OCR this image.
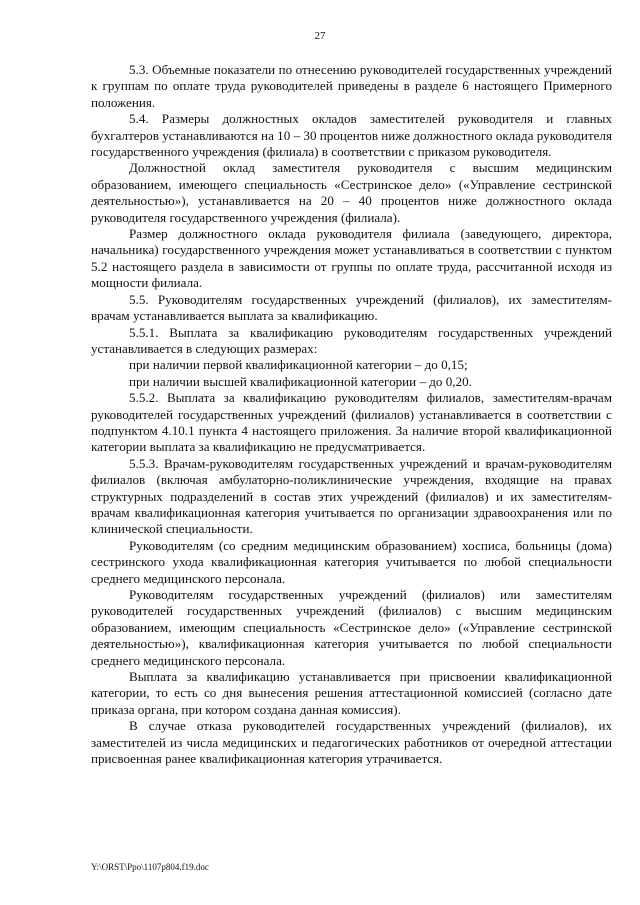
27

5.3. Объемные показатели по отнесению руководителей государственных учреждений к группам по оплате труда руководителей приведены в разделе 6 настоящего Примерного положения.

5.4. Размеры должностных окладов заместителей руководителя и главных бухгалтеров устанавливаются на 10 – 30 процентов ниже должностного оклада руководителя государственного учреждения (филиала) в соответствии с приказом руководителя.

Должностной оклад заместителя руководителя с высшим медицинским образованием, имеющего специальность «Сестринское дело» («Управление сестринской деятельностью»), устанавливается на 20 – 40 процентов ниже должностного оклада руководителя государственного учреждения (филиала).

Размер должностного оклада руководителя филиала (заведующего, директора, начальника) государственного учреждения может устанавливаться в соответствии с пунктом 5.2 настоящего раздела в зависимости от группы по оплате труда, рассчитанной исходя из мощности филиала.

5.5. Руководителям государственных учреждений (филиалов), их заместителям-врачам устанавливается выплата за квалификацию.

5.5.1. Выплата за квалификацию руководителям государственных учреждений устанавливается в следующих размерах:

при наличии первой квалификационной категории – до 0,15;

при наличии высшей квалификационной категории – до 0,20.

5.5.2. Выплата за квалификацию руководителям филиалов, заместителям-врачам руководителей государственных учреждений (филиалов) устанавливается в соответствии с подпунктом 4.10.1 пункта 4 настоящего приложения. За наличие второй квалификационной категории выплата за квалификацию не предусматривается.

5.5.3. Врачам-руководителям государственных учреждений и врачам-руководителям филиалов (включая амбулаторно-поликлинические учреждения, входящие на правах структурных подразделений в состав этих учреждений (филиалов) и их заместителям-врачам квалификационная категория учитывается по организации здравоохранения или по клинической специальности.

Руководителям (со средним медицинским образованием) хосписа, больницы (дома) сестринского ухода квалификационная категория учитывается по любой специальности среднего медицинского персонала.

Руководителям государственных учреждений (филиалов) или заместителям руководителей государственных учреждений (филиалов) с высшим медицинским образованием, имеющим специальность «Сестринское дело» («Управление сестринской деятельностью»), квалификационная категория учитывается по любой специальности среднего медицинского персонала.

Выплата за квалификацию устанавливается при присвоении квалификационной категории, то есть со дня вынесения решения аттестационной комиссией (согласно дате приказа органа, при котором создана данная комиссия).

В случае отказа руководителей государственных учреждений (филиалов), их заместителей из числа медицинских и педагогических работников от очередной аттестации присвоенная ранее квалификационная категория утрачивается.

Y:\ORST\Ppo\1107p804.f19.doc
